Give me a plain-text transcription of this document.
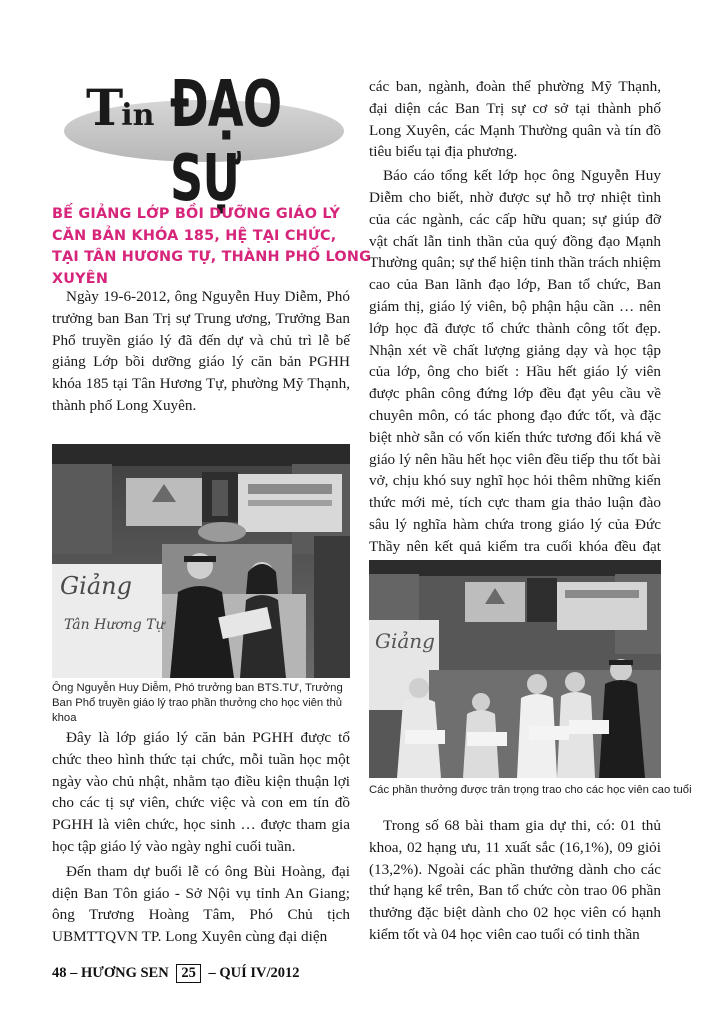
Tin ĐẠO SỰ
BẾ GIẢNG LỚP BỒI DƯỠNG GIÁO LÝ
CĂN BẢN KHÓA 185, HỆ TẠI CHỨC,
TẠI TÂN HƯƠNG TỰ, THÀNH PHỐ LONG
XUYÊN

Ngày 19-6-2012, ông Nguyễn Huy Diễm, Phó trưởng ban Ban Trị sự Trung ương, Trưởng Ban Phổ truyền giáo lý đã đến dự và chủ trì lễ bế giảng Lớp bồi dưỡng giáo lý căn bản PGHH khóa 185 tại Tân Hương Tự, phường Mỹ Thạnh, thành phố Long Xuyên.

Giảng
Tân Hương Tự
Ông Nguyễn Huy Diễm, Phó trưởng ban BTS.TƯ, Trưởng Ban Phổ truyền giáo lý trao phần thưởng cho học viên thủ khoa

Đây là lớp giáo lý căn bản PGHH được tổ chức theo hình thức tại chức, mỗi tuần học một ngày vào chủ nhật, nhằm tạo điều kiện thuận lợi cho các tị sự viên, chức việc và con em tín đồ PGHH là viên chức, học sinh … được tham gia học tập giáo lý vào ngày nghỉ cuối tuần.

Đến tham dự buổi lễ có ông Bùi Hoàng, đại diện Ban Tôn giáo - Sở Nội vụ tỉnh An Giang; ông Trương Hoàng Tâm, Phó Chủ tịch UBMTTQVN TP. Long Xuyên cùng đại diện

các ban, ngành, đoàn thể phường Mỹ Thạnh, đại diện các Ban Trị sự cơ sở tại thành phố Long Xuyên, các Mạnh Thường quân và tín đồ tiêu biểu tại địa phương.

Báo cáo tổng kết lớp học ông Nguyễn Huy Diễm cho biết, nhờ được sự hỗ trợ nhiệt tình của các ngành, các cấp hữu quan; sự giúp đỡ vật chất lẫn tinh thần của quý đồng đạo Mạnh Thường quân; sự thể hiện tinh thần trách nhiệm cao của Ban lãnh đạo lớp, Ban tổ chức, Ban giám thị, giáo lý viên, bộ phận hậu cần … nên lớp học đã được tổ chức thành công tốt đẹp. Nhận xét về chất lượng giảng dạy và học tập của lớp, ông cho biết : Hầu hết giáo lý viên được phân công đứng lớp đều đạt yêu cầu về chuyên môn, có tác phong đạo đức tốt, và đặc biệt nhờ sẵn có vốn kiến thức tương đối khá về giáo lý nên hầu hết học viên đều tiếp thu tốt bài vở, chịu khó suy nghĩ học hỏi thêm những kiến thức mới mẻ, tích cực tham gia thảo luận đào sâu lý nghĩa hàm chứa trong giáo lý của Đức Thầy nên kết quả kiểm tra cuối khóa đều đạt

Giảng
Các phần thưởng được trân trọng trao cho các học viên cao tuổi

Trong số 68 bài tham gia dự thi, có: 01 thủ khoa, 02 hạng ưu, 11 xuất sắc (16,1%), 09 giỏi (13,2%). Ngoài các phần thưởng dành cho các thứ hạng kể trên, Ban tổ chức còn trao 06 phần thưởng đặc biệt dành cho 02 học viên có hạnh kiểm tốt và 04 học viên cao tuổi có tinh thần

48 – HƯƠNG SEN 25 – QUÍ IV/2012
